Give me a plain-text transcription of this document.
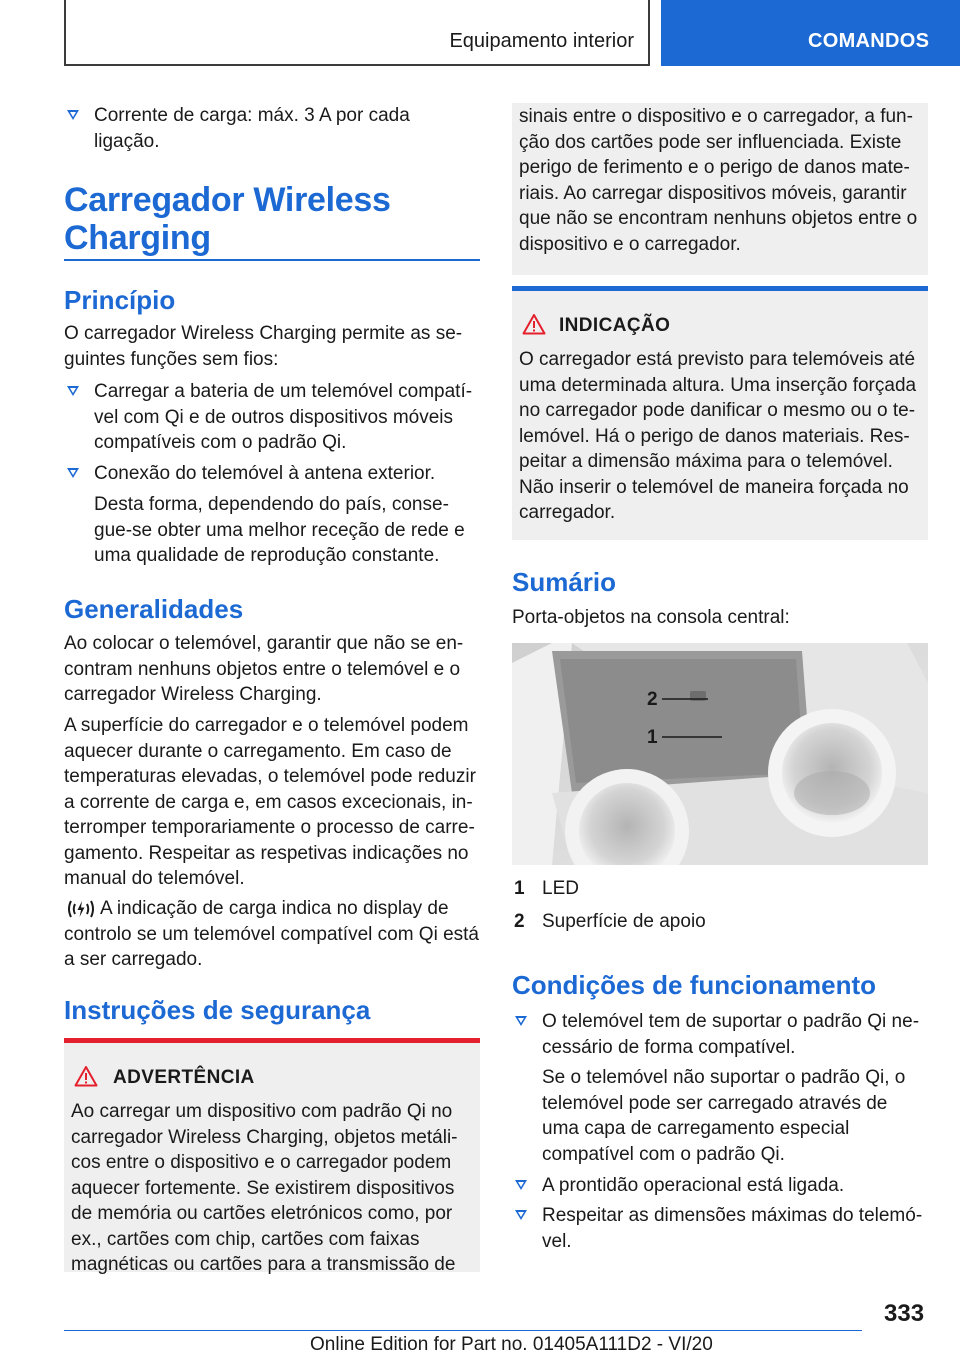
Equipamento interior	COMANDOS
Corrente de carga: máx. 3 A por cada ligação.
Carregador Wireless
Charging
Princípio
O carregador Wireless Charging permite as se-guintes funções sem fios:
Carregar a bateria de um telemóvel compatí-vel com Qi e de outros dispositivos móveis compatíveis com o padrão Qi.
Conexão do telemóvel à antena exterior.
Desta forma, dependendo do país, conse-gue-se obter uma melhor receção de rede e uma qualidade de reprodução constante.
Generalidades
Ao colocar o telemóvel, garantir que não se en-contram nenhuns objetos entre o telemóvel e o carregador Wireless Charging.
A superfície do carregador e o telemóvel podem aquecer durante o carregamento. Em caso de temperaturas elevadas, o telemóvel pode reduzir a corrente de carga e, em casos excecionais, in-terromper temporariamente o processo de carre-gamento. Respeitar as respetivas indicações no manual do telemóvel.
A indicação de carga indica no display de controlo se um telemóvel compatível com Qi está a ser carregado.
Instruções de segurança
ADVERTÊNCIA
Ao carregar um dispositivo com padrão Qi no carregador Wireless Charging, objetos metáli-cos entre o dispositivo e o carregador podem aquecer fortemente. Se existirem dispositivos de memória ou cartões eletrónicos como, por ex., cartões com chip, cartões com faixas magnéticas ou cartões para a transmissão de
sinais entre o dispositivo e o carregador, a fun-ção dos cartões pode ser influenciada. Existe perigo de ferimento e o perigo de danos mate-riais. Ao carregar dispositivos móveis, garantir que não se encontram nenhuns objetos entre o dispositivo e o carregador.
INDICAÇÃO
O carregador está previsto para telemóveis até uma determinada altura. Uma inserção forçada no carregador pode danificar o mesmo ou o te-lemóvel. Há o perigo de danos materiais. Res-peitar a dimensão máxima para o telemóvel. Não inserir o telemóvel de maneira forçada no carregador.
Sumário
Porta-objetos na consola central:
2
1
1 LED
2 Superfície de apoio
Condições de funcionamento
O telemóvel tem de suportar o padrão Qi ne-cessário de forma compatível.
Se o telemóvel não suportar o padrão Qi, o telemóvel pode ser carregado através de uma capa de carregamento especial compatível com o padrão Qi.
A prontidão operacional está ligada.
Respeitar as dimensões máximas do telemó-vel.
333
Online Edition for Part no. 01405A111D2 - VI/20
